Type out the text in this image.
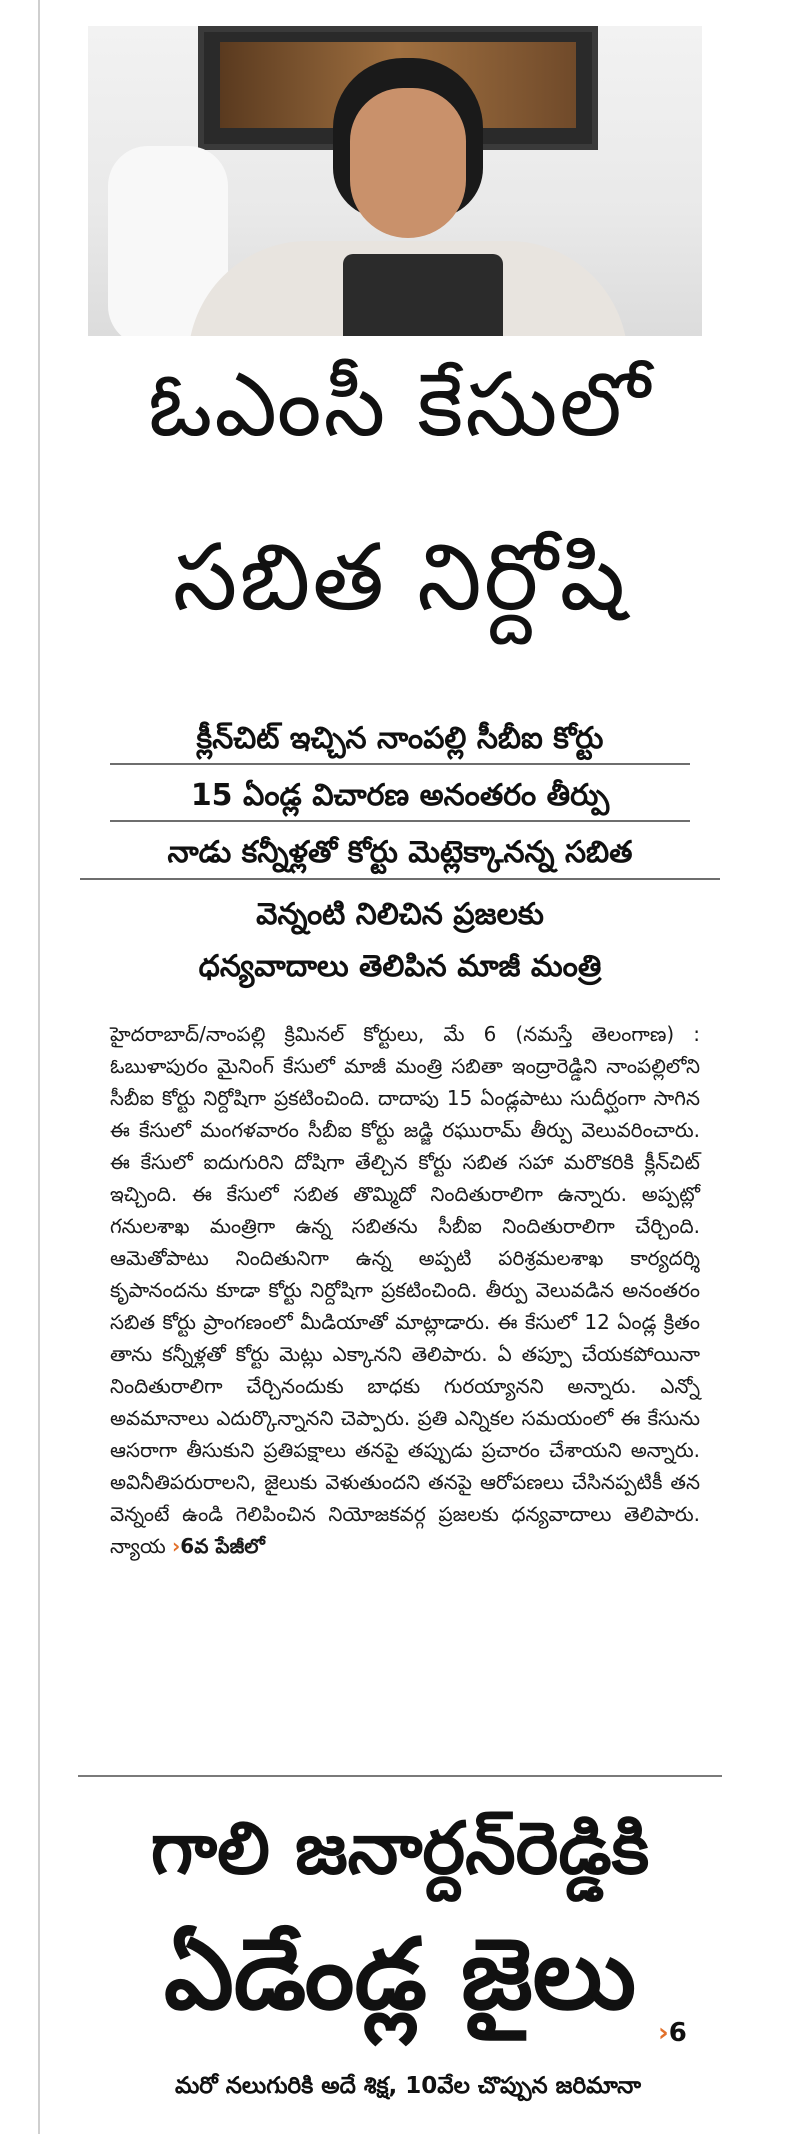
ఓఎంసీ కేసులో
సబిత నిర్దోషి
క్లీన్‌చిట్ ఇచ్చిన నాంపల్లి సీబీఐ కోర్టు
15 ఏండ్ల విచారణ అనంతరం తీర్పు
నాడు కన్నీళ్లతో కోర్టు మెట్లెక్కానన్న సబిత
వెన్నంటి నిలిచిన ప్రజలకు
ధన్యవాదాలు తెలిపిన మాజీ మంత్రి
హైదరాబాద్/నాంపల్లి క్రిమినల్ కోర్టులు, మే 6 (నమస్తే తెలంగాణ) : ఓబుళాపురం మైనింగ్ కేసులో మాజీ మంత్రి సబితా ఇంద్రారెడ్డిని నాంపల్లిలోని సీబీఐ కోర్టు నిర్దోషిగా ప్రకటించింది. దాదాపు 15 ఏండ్లపాటు సుదీర్ఘంగా సాగిన ఈ కేసులో మంగళవారం సీబీఐ కోర్టు జడ్జి రఘురామ్ తీర్పు వెలువరించారు. ఈ కేసులో ఐదుగురిని దోషిగా తేల్చిన కోర్టు సబిత సహా మరొకరికి క్లీన్‌చిట్ ఇచ్చింది. ఈ కేసులో సబిత తొమ్మిదో నిందితురాలిగా ఉన్నారు. అప్పట్లో గనులశాఖ మంత్రిగా ఉన్న సబితను సీబీఐ నిందితురాలిగా చేర్చింది. ఆమెతోపాటు నిందితునిగా ఉన్న అప్పటి పరిశ్రమలశాఖ కార్యదర్శి కృపానందను కూడా కోర్టు నిర్దోషిగా ప్రకటించింది. తీర్పు వెలువడిన అనంతరం సబిత కోర్టు ప్రాంగణంలో మీడియాతో మాట్లాడారు. ఈ కేసులో 12 ఏండ్ల క్రితం తాను కన్నీళ్లతో కోర్టు మెట్లు ఎక్కానని తెలిపారు. ఏ తప్పూ చేయకపోయినా నిందితురాలిగా చేర్చినందుకు బాధకు గురయ్యానని అన్నారు. ఎన్నో అవమానాలు ఎదుర్కొన్నానని చెప్పారు. ప్రతి ఎన్నికల సమయంలో ఈ కేసును ఆసరాగా తీసుకుని ప్రతిపక్షాలు తనపై తప్పుడు ప్రచారం చేశాయని అన్నారు. అవినీతిపరురాలని, జైలుకు వెళుతుందని తనపై ఆరోపణలు చేసినప్పటికీ తన వెన్నంటే ఉండి గెలిపించిన నియోజకవర్గ ప్రజలకు ధన్యవాదాలు తెలిపారు. న్యాయ ›6వ పేజీలో
గాలి జనార్దన్‌రెడ్డికి
ఏడేండ్ల జైలు
›6
మరో నలుగురికి అదే శిక్ష, 10వేల చొప్పున జరిమానా
